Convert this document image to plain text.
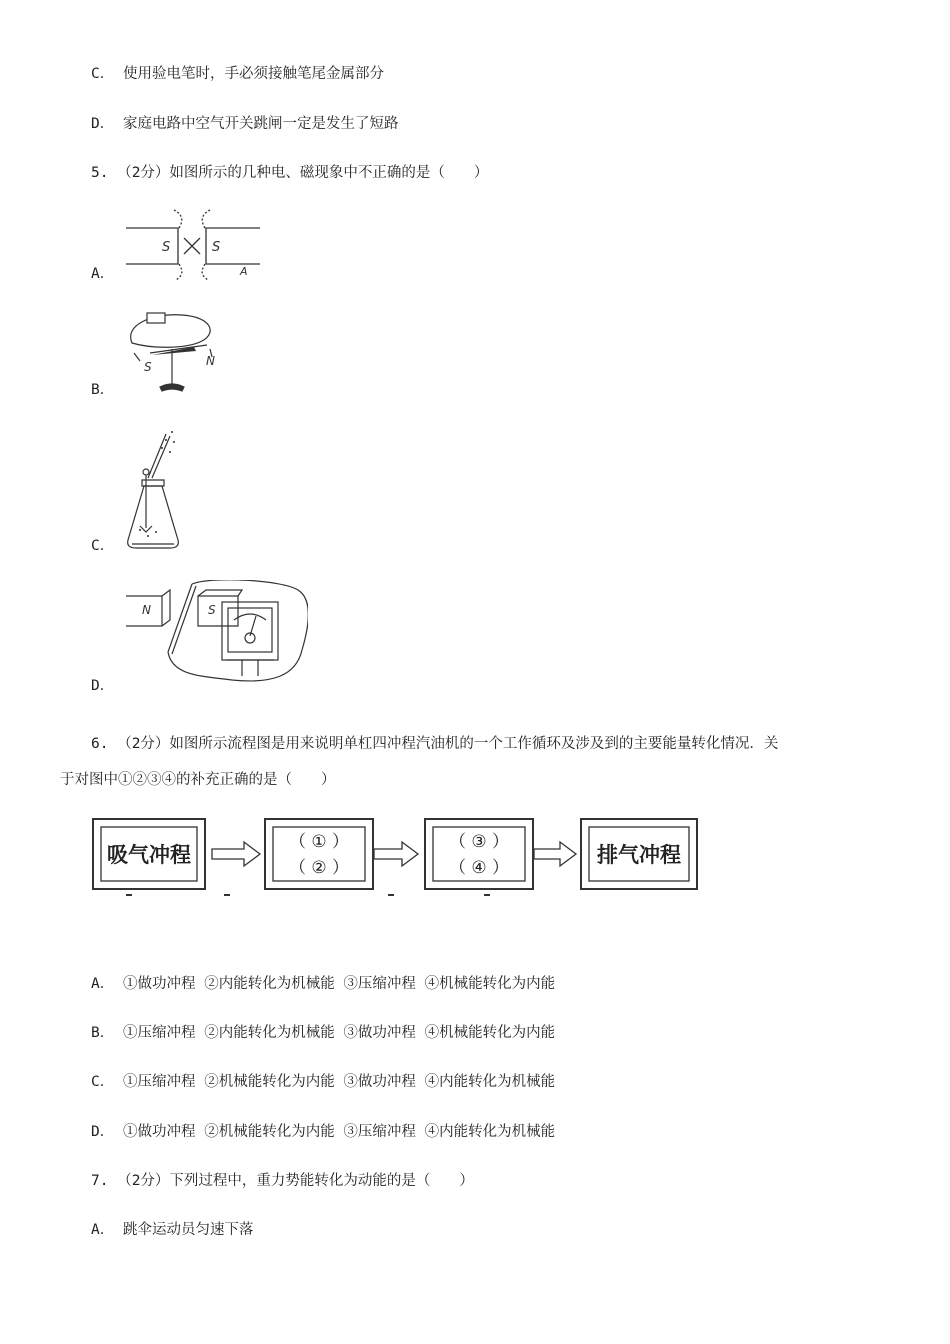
C． 使用验电笔时，手必须接触笔尾金属部分
D． 家庭电路中空气开关跳闸一定是发生了短路
5. （2分）如图所示的几种电、磁现象中不正确的是（　　）
A．
S	S
A
B．
S	N
C．
D．
N	S
6. （2分）如图所示流程图是用来说明单杠四冲程汽油机的一个工作循环及涉及到的主要能量转化情况．关
于对图中①②③④的补充正确的是（　　）
吸气冲程
（ ① ）
（ ② ）
（ ③ ）
（ ④ ）
排气冲程
A． ①做功冲程 ②内能转化为机械能 ③压缩冲程 ④机械能转化为内能
B． ①压缩冲程 ②内能转化为机械能 ③做功冲程 ④机械能转化为内能
C． ①压缩冲程 ②机械能转化为内能 ③做功冲程 ④内能转化为机械能
D． ①做功冲程 ②机械能转化为内能 ③压缩冲程 ④内能转化为机械能
7. （2分）下列过程中，重力势能转化为动能的是（　　）
A． 跳伞运动员匀速下落
